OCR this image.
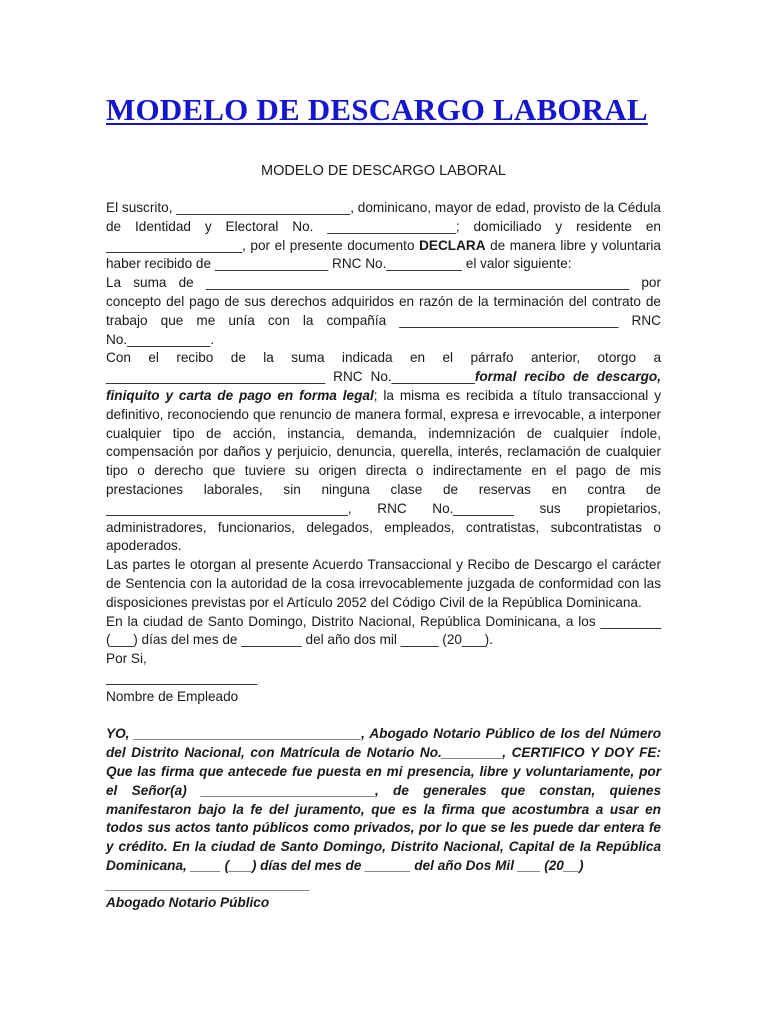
MODELO DE DESCARGO LABORAL
MODELO DE DESCARGO LABORAL

El suscrito, _______________________, dominicano, mayor de edad, provisto de la Cédula de Identidad y Electoral No. _________________; domiciliado y residente en __________________, por el presente documento DECLARA de manera libre y voluntaria haber recibido de _______________ RNC No.__________ el valor siguiente:

La suma de ________________________________________________________ por concepto del pago de sus derechos adquiridos en razón de la terminación del contrato de trabajo que me unía con la compañía _____________________________ RNC No.___________.

Con el recibo de la suma indicada en el párrafo anterior, otorgo a _____________________________ RNC No.___________formal recibo de descargo, finiquito y carta de pago en forma legal; la misma es recibida a título transaccional y definitivo, reconociendo que renuncio de manera formal, expresa e irrevocable, a interponer cualquier tipo de acción, instancia, demanda, indemnización de cualquier índole, compensación por daños y perjuicio, denuncia, querella, interés, reclamación de cualquier tipo o derecho que tuviere su origen directa o indirectamente en el pago de mis prestaciones laborales, sin ninguna clase de reservas en contra de ________________________________, RNC No.________ sus propietarios, administradores, funcionarios, delegados, empleados, contratistas, subcontratistas o apoderados.

Las partes le otorgan al presente Acuerdo Transaccional y Recibo de Descargo el carácter de Sentencia con la autoridad de la cosa irrevocablemente juzgada de conformidad con las disposiciones previstas por el Artículo 2052 del Código Civil de la República Dominicana.

En la ciudad de Santo Domingo, Distrito Nacional, República Dominicana, a los ________ (___) días del mes de ________ del año dos mil _____ (20___).

Por Si,

____________________

Nombre de Empleado

YO, ______________________________, Abogado Notario Público de los del Número del Distrito Nacional, con Matrícula de Notario No.________, CERTIFICO Y DOY FE: Que las firma que antecede fue puesta en mi presencia, libre y voluntariamente, por el Señor(a) _______________________, de generales que constan, quienes manifestaron bajo la fe del juramento, que es la firma que acostumbra a usar en todos sus actos tanto públicos como privados, por lo que se les puede dar entera fe y crédito. En la ciudad de Santo Domingo, Distrito Nacional, Capital de la República Dominicana, ____ (___) días del mes de ______ del año Dos Mil ___ (20__)

___________________________

Abogado Notario Público
